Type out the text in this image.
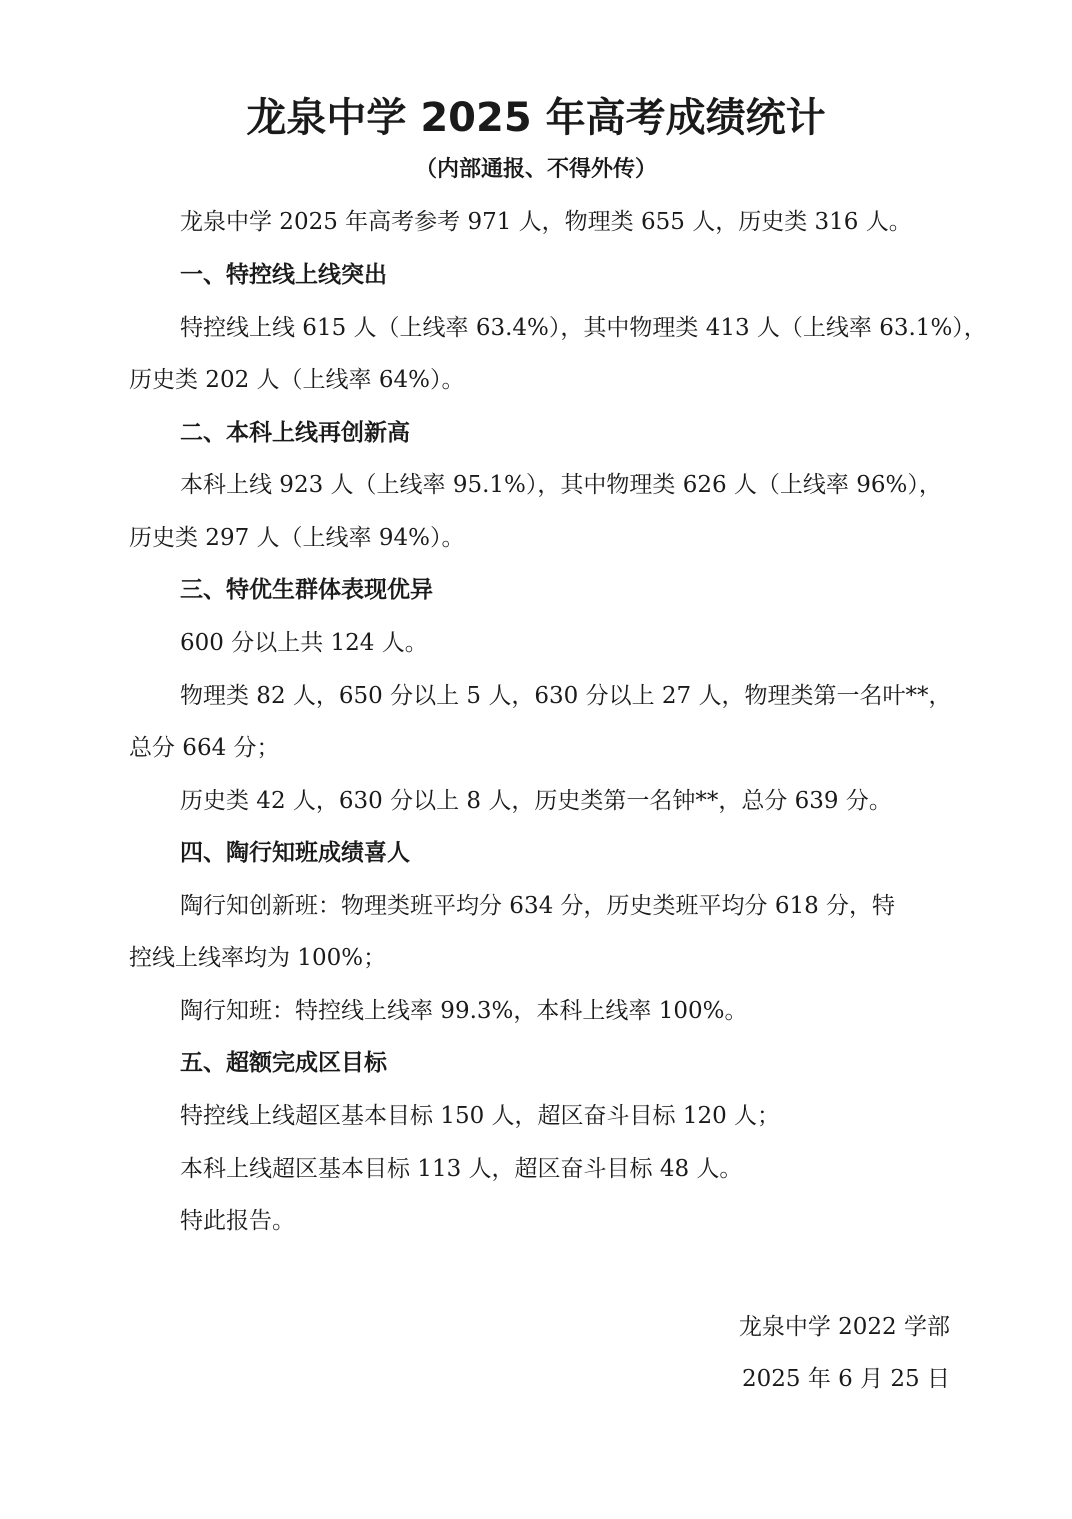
龙泉中学 2025 年高考成绩统计
（内部通报、不得外传）
龙泉中学 2025 年高考参考 971 人，物理类 655 人，历史类 316 人。
一、特控线上线突出
特控线上线 615 人（上线率 63.4%），其中物理类 413 人（上线率 63.1%），
历史类 202 人（上线率 64%）。
二、本科上线再创新高
本科上线 923 人（上线率 95.1%），其中物理类 626 人（上线率 96%），
历史类 297 人（上线率 94%）。
三、特优生群体表现优异
600 分以上共 124 人。
物理类 82 人，650 分以上 5 人，630 分以上 27 人，物理类第一名叶**，
总分 664 分；
历史类 42 人，630 分以上 8 人，历史类第一名钟**，总分 639 分。
四、陶行知班成绩喜人
陶行知创新班：物理类班平均分 634 分，历史类班平均分 618 分，特
控线上线率均为 100%；
陶行知班：特控线上线率 99.3%，本科上线率 100%。
五、超额完成区目标
特控线上线超区基本目标 150 人，超区奋斗目标 120 人；
本科上线超区基本目标 113 人，超区奋斗目标 48 人。
特此报告。
龙泉中学 2022 学部
2025 年 6 月 25 日
